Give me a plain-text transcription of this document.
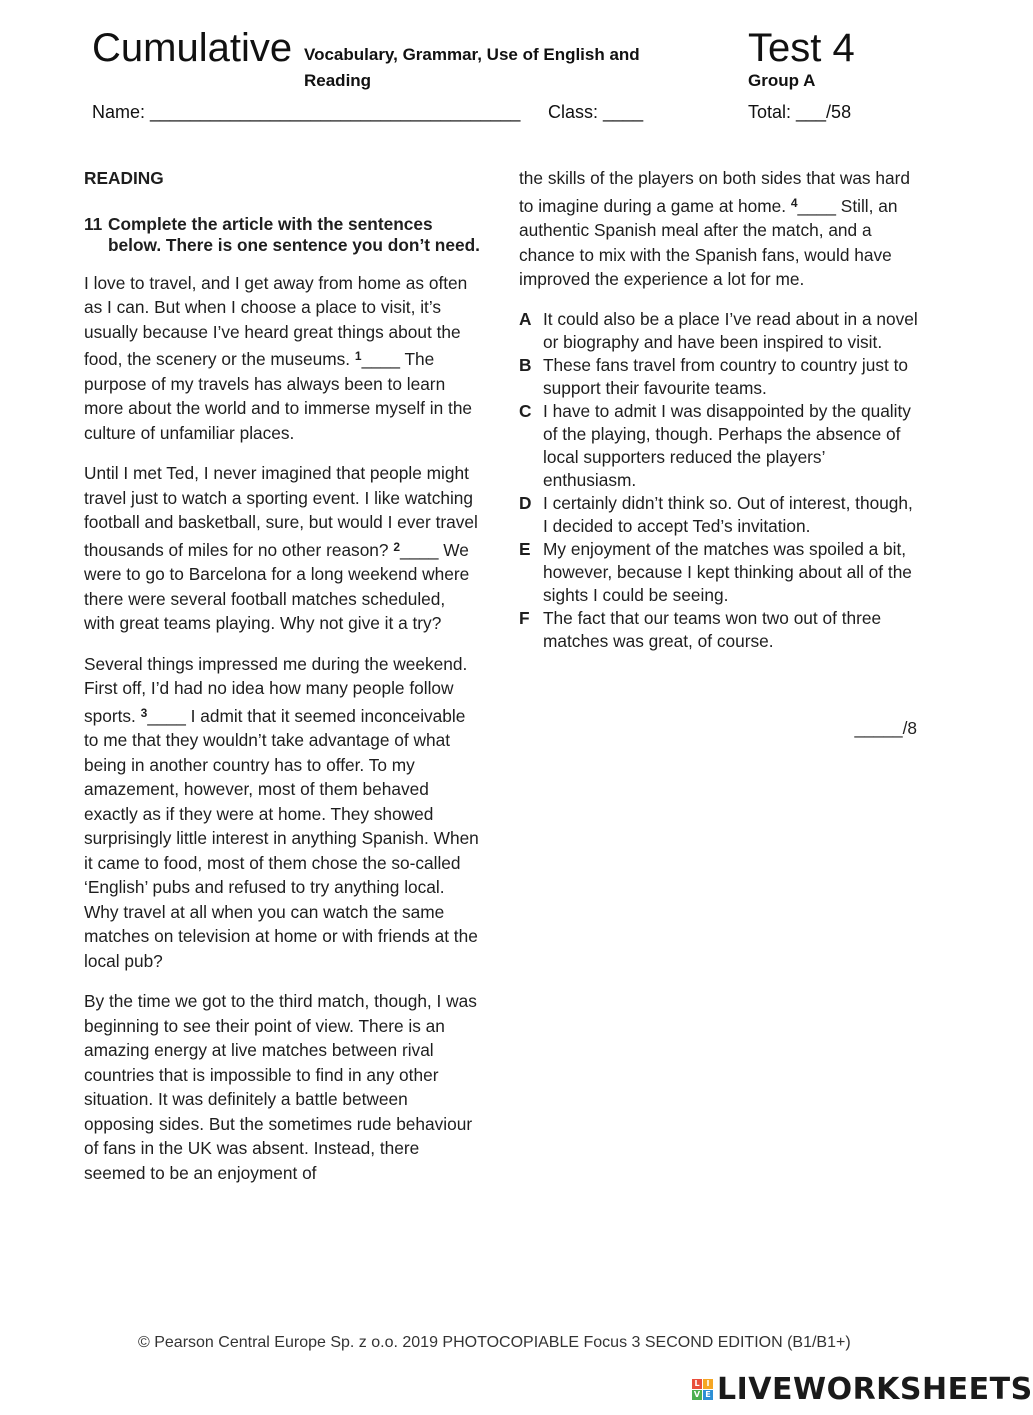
Cumulative Vocabulary, Grammar, Use of English and
Reading
Test 4
Group A
Name: _____________________________________ Class: ____	Total: ___/58
READING
11 Complete the article with the sentences below. There is one sentence you don’t need.

I love to travel, and I get away from home as often as I can. But when I choose a place to visit, it’s usually because I’ve heard great things about the food, the scenery or the museums. $^1$____ The purpose of my travels has always been to learn more about the world and to immerse myself in the culture of unfamiliar places.

Until I met Ted, I never imagined that people might travel just to watch a sporting event. I like watching football and basketball, sure, but would I ever travel thousands of miles for no other reason? $^2$____ We were to go to Barcelona for a long weekend where there were several football matches scheduled, with great teams playing. Why not give it a try?

Several things impressed me during the weekend. First off, I’d had no idea how many people follow sports. $^3$____ I admit that it seemed inconceivable to me that they wouldn’t take advantage of what being in another country has to offer. To my amazement, however, most of them behaved exactly as if they were at home. They showed surprisingly little interest in anything Spanish. When it came to food, most of them chose the so-called ‘English’ pubs and refused to try anything local. Why travel at all when you can watch the same matches on television at home or with friends at the local pub?

By the time we got to the third match, though, I was beginning to see their point of view. There is an amazing energy at live matches between rival countries that is impossible to find in any other situation. It was definitely a battle between opposing sides. But the sometimes rude behaviour of fans in the UK was absent. Instead, there seemed to be an enjoyment of

the skills of the players on both sides that was hard to imagine during a game at home. $^4$____ Still, an authentic Spanish meal after the match, and a chance to mix with the Spanish fans, would have improved the experience a lot for me.

A It could also be a place I’ve read about in a novel or biography and have been inspired to visit.
B These fans travel from country to country just to support their favourite teams.
C I have to admit I was disappointed by the quality of the playing, though. Perhaps the absence of local supporters reduced the players’ enthusiasm.
D I certainly didn’t think so. Out of interest, though, I decided to accept Ted’s invitation.
E My enjoyment of the matches was spoiled a bit, however, because I kept thinking about all of the sights I could be seeing.
F The fact that our teams won two out of three matches was great, of course.
_____/8
© Pearson Central Europe Sp. z o.o. 2019 PHOTOCOPIABLE Focus 3 SECOND EDITION (B1/B1+)
L I
V E LIVEWORKSHEETS
